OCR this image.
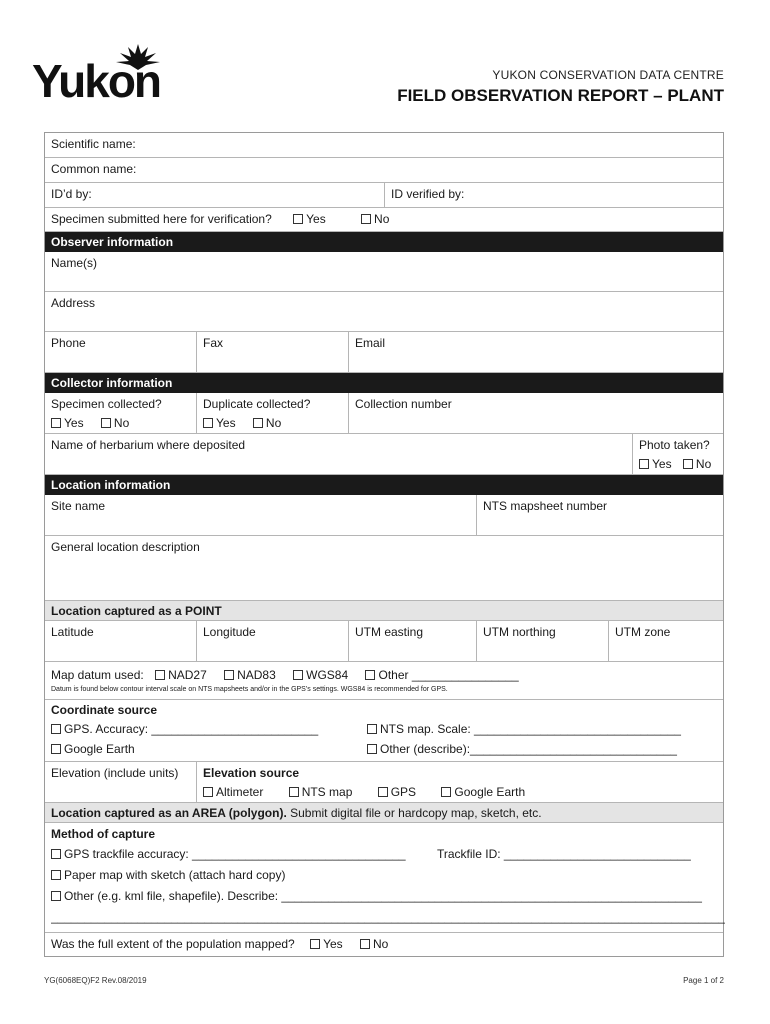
Yukon	YUKON CONSERVATION DATA CENTRE
FIELD OBSERVATION REPORT – PLANT
Scientific name:
Common name:
ID’d by:	ID verified by:
Specimen submitted here for verification?	Yes	No
Observer information
Name(s)
Address
Phone	Fax	Email
Collector information
Specimen collected?
Yes	No
Duplicate collected?
Yes	No
Collection number
Name of herbarium where deposited	Photo taken?
Yes No
Location information
Site name	NTS mapsheet number
General location description
Location captured as a POINT
Latitude	Longitude	UTM easting	UTM northing	UTM zone
Map datum used: NAD27	NAD83	WGS84	Other ________________
Datum is found below contour interval scale on NTS mapsheets and/or in the GPS’s settings. WGS84 is recommended for GPS.
Coordinate source
GPS. Accuracy: _________________________	NTS map. Scale: _______________________________
Google Earth	Other (describe):_______________________________
Elevation (include units)	Elevation source
Altimeter	NTS map	GPS	Google Earth
Location captured as an AREA (polygon). Submit digital file or hardcopy map, sketch, etc.
Method of capture
GPS trackfile accuracy: ________________________________	Trackfile ID: ____________________________
Paper map with sketch (attach hard copy)
Other (e.g. kml file, shapefile). Describe: _______________________________________________________________
_____________________________________________________________________________________________________
Was the full extent of the population mapped? Yes	No
YG(6068EQ)F2 Rev.08/2019	Page 1 of 2
